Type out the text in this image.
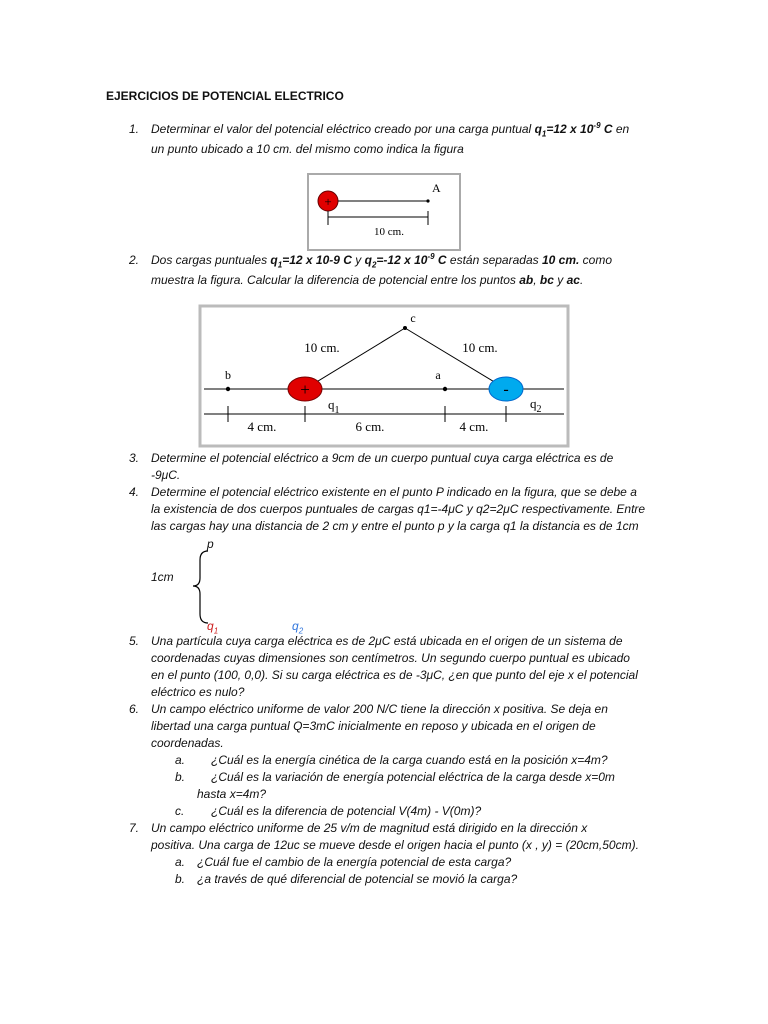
EJERCICIOS DE POTENCIAL ELECTRICO
1. Determinar el valor del potencial eléctrico creado por una carga puntual $q_1=12$ x $10^{-9}$ C en
un punto ubicado a 10 cm. del mismo como indica la figura
+
A
10 cm.
2. Dos cargas puntuales $q_1=12$ x 10-9 C y $q_2=-12$ x $10^{-9}$ C están separadas 10 cm. como
muestra la figura. Calcular la diferencia de potencial entre los puntos ab, bc y ac.
c
10 cm.	10 cm.
b	a
+	-
$q_1$	$q_2$
4 cm.	6 cm.	4 cm.
3. Determine el potencial eléctrico a 9cm de un cuerpo puntual cuya carga eléctrica es de
-9μC.
4. Determine el potencial eléctrico existente en el punto P indicado en la figura, que se debe a
la existencia de dos cuerpos puntuales de cargas q1=-4μC y q2=2μC respectivamente. Entre
las cargas hay una distancia de 2 cm y entre el punto p y la carga q1 la distancia es de 1cm
p
1cm
$q_1$	$q_2$
5. Una partícula cuya carga eléctrica es de 2μC está ubicada en el origen de un sistema de
coordenadas cuyas dimensiones son centímetros. Un segundo cuerpo puntual es ubicado
en el punto (100, 0,0). Si su carga eléctrica es de -3μC, ¿en que punto del eje x el potencial
eléctrico es nulo?
6. Un campo eléctrico uniforme de valor 200 N/C tiene la dirección x positiva. Se deja en
libertad una carga puntual Q=3mC inicialmente en reposo y ubicada en el origen de
coordenadas.
a. ¿Cuál es la energía cinética de la carga cuando está en la posición x=4m?
b. ¿Cuál es la variación de energía potencial eléctrica de la carga desde x=0m
hasta x=4m?
c. ¿Cuál es la diferencia de potencial V(4m) - V(0m)?
7. Un campo eléctrico uniforme de 25 v/m de magnitud está dirigido en la dirección x
positiva. Una carga de 12uc se mueve desde el origen hacia el punto (x , y) = (20cm,50cm).
a. ¿Cuál fue el cambio de la energía potencial de esta carga?
b. ¿a través de qué diferencial de potencial se movió la carga?
